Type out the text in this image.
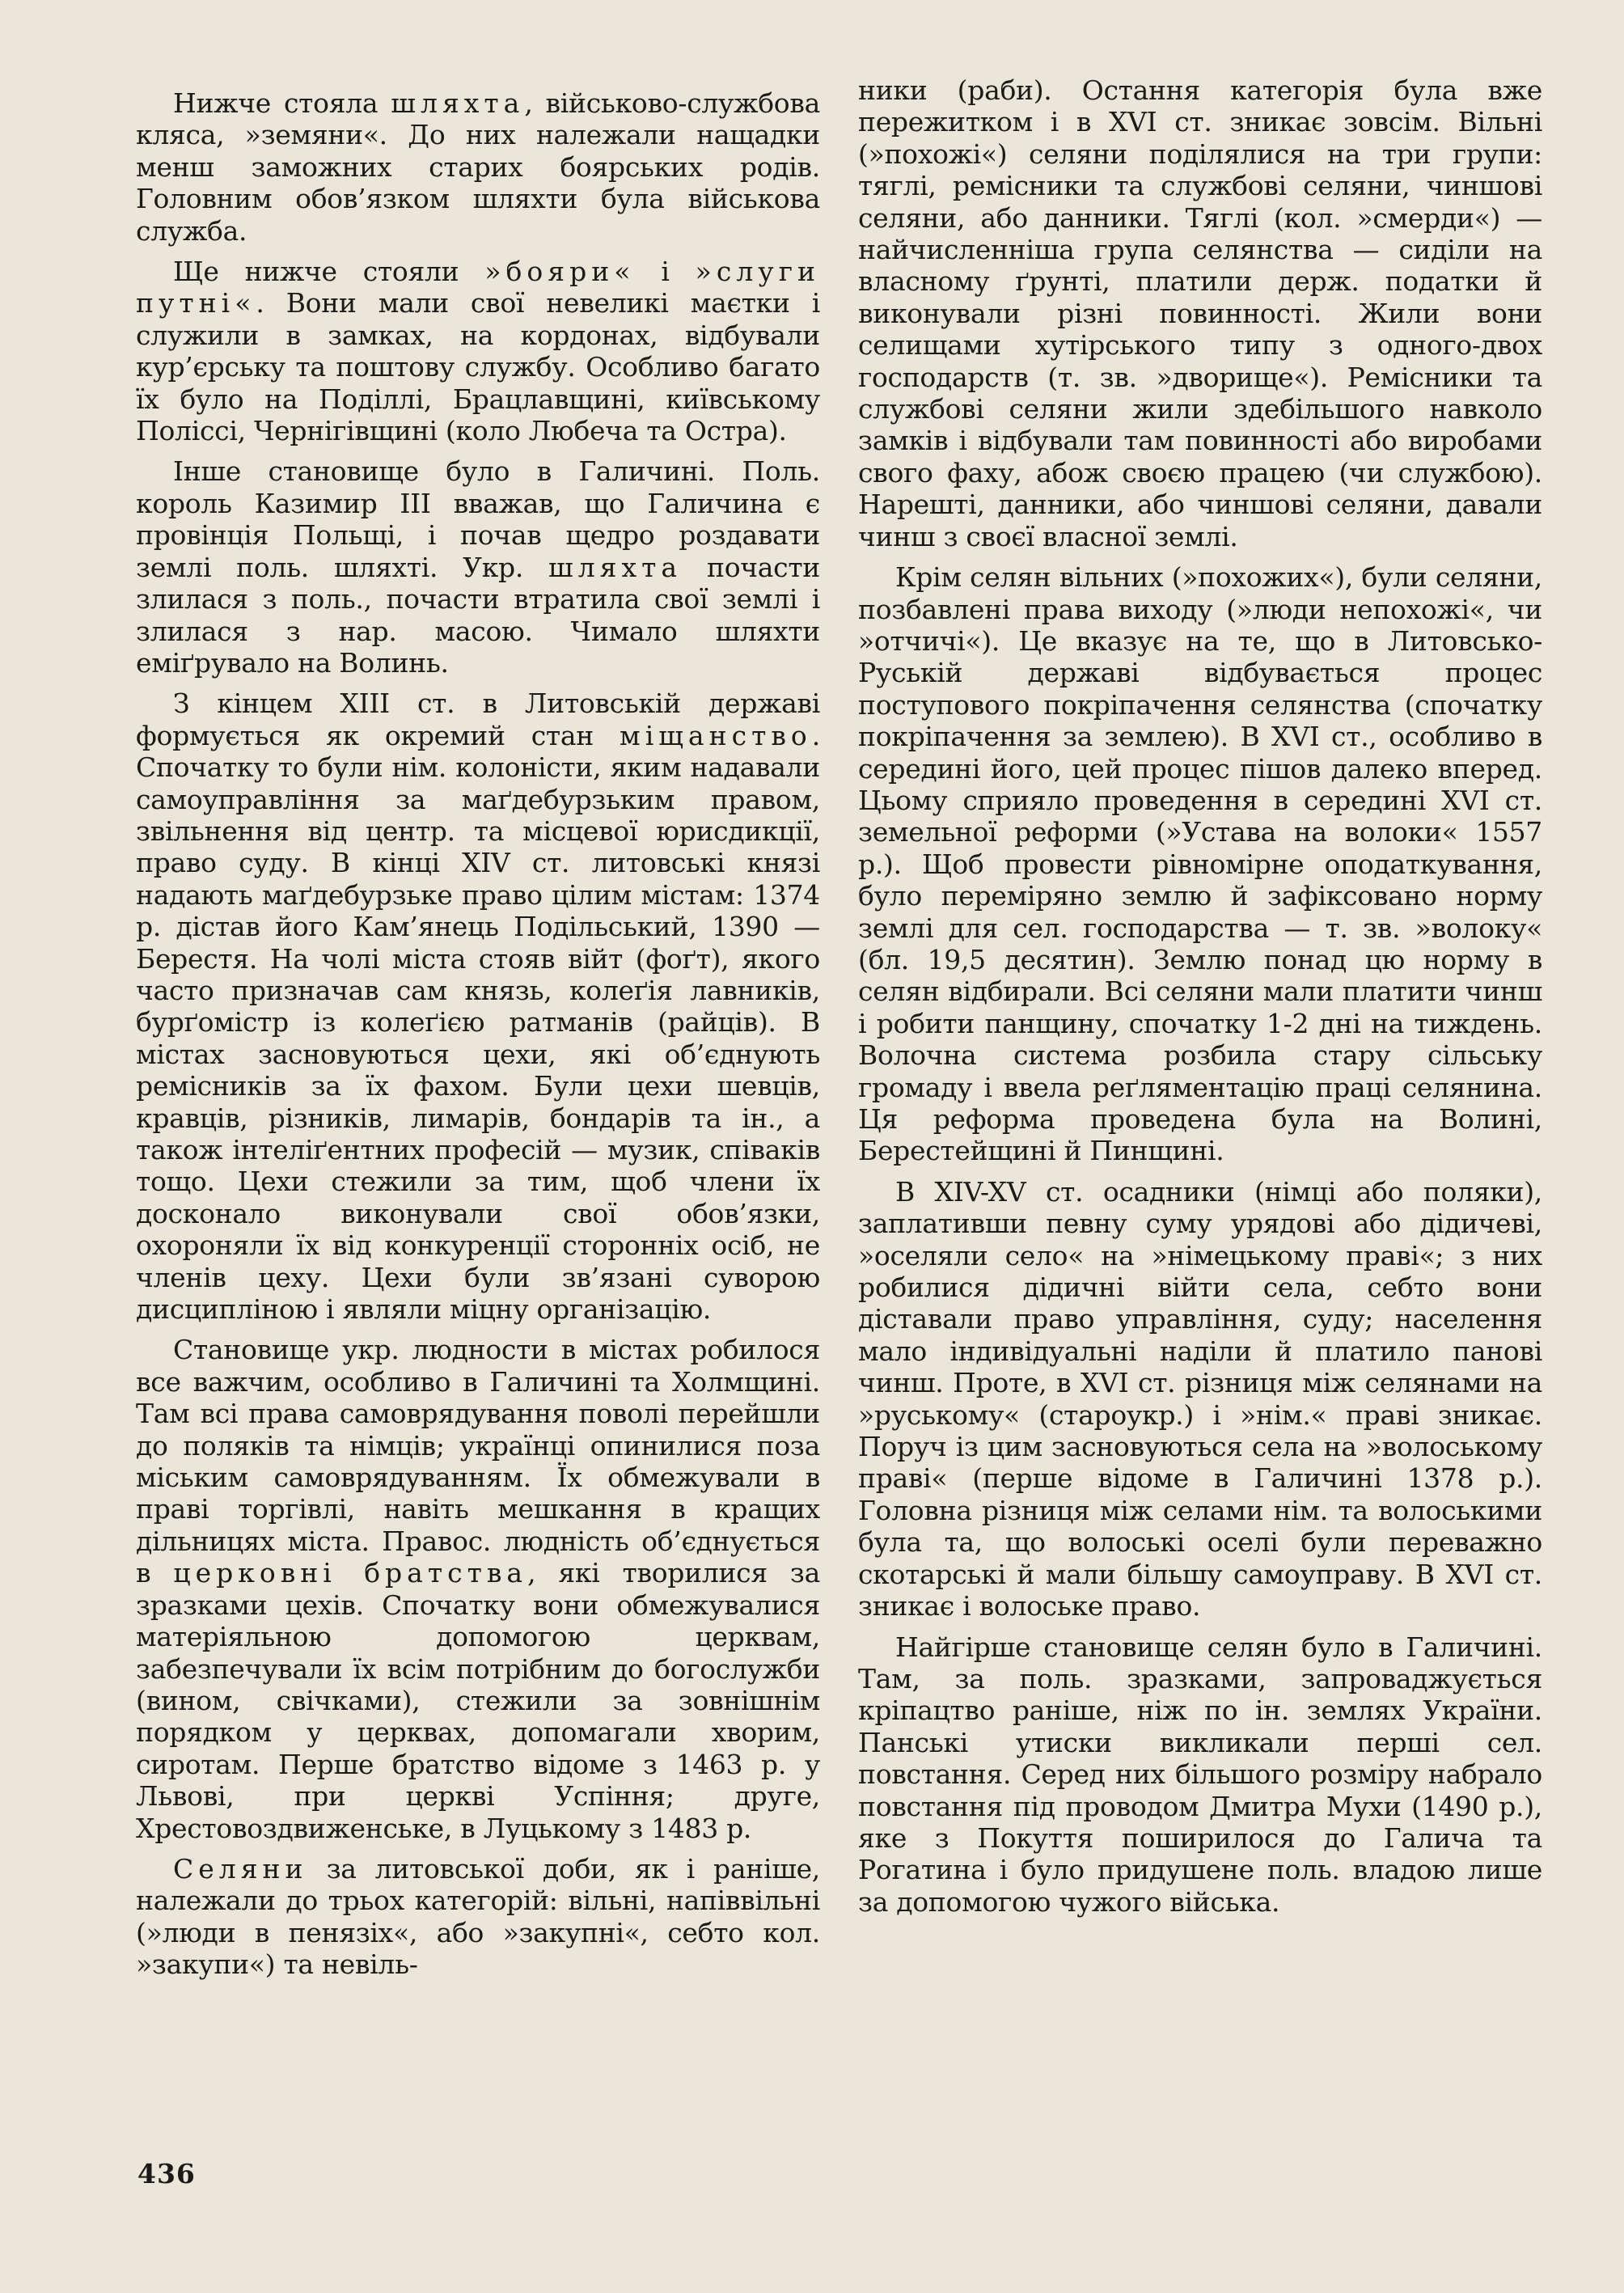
Нижче стояла шляхта, військово-службова кляса, »земяни«. До них належали нащадки менш заможних старих боярських родів. Головним обов’язком шляхти була військова служба.

Ще нижче стояли »бояри« і »слуги путні«. Вони мали свої невеликі маєтки і служили в замках, на кордонах, відбували кур’єрську та поштову службу. Особливо багато їх було на Поділлі, Брацлавщині, київському Поліссі, Чернігівщині (коло Любеча та Остра).

Інше становище було в Галичині. Поль. король Казимир III вважав, що Галичина є провінція Польщі, і почав щедро роздавати землі поль. шляхті. Укр. шляхта почасти злилася з поль., почасти втратила свої землі і злилася з нар. масою. Чимало шляхти еміґрувало на Волинь.

З кінцем XIII ст. в Литовській державі формується як окремий стан міщанство. Спочатку то були нім. колоністи, яким надавали самоуправління за маґдебурзьким правом, звільнення від центр. та місцевої юрисдикції, право суду. В кінці XIV ст. литовські князі надають маґдебурзьке право цілим містам: 1374 р. дістав його Кам’янець Подільський, 1390 — Берестя. На чолі міста стояв війт (фоґт), якого часто призначав сам князь, колеґія лавників, бурґомістр із колеґією ратманів (райців). В містах засновуються цехи, які об’єднують ремісників за їх фахом. Були цехи шевців, кравців, різників, лимарів, бондарів та ін., а також інтеліґентних професій — музик, співаків тощо. Цехи стежили за тим, щоб члени їх досконало виконували свої обов’язки, охороняли їх від конкуренції сторонніх осіб, не членів цеху. Цехи були зв’язані суворою дисципліною і являли міцну організацію.

Становище укр. людности в містах робилося все важчим, особливо в Галичині та Холмщині. Там всі права самоврядування поволі перейшли до поляків та німців; українці опинилися поза міським самоврядуванням. Їх обмежували в праві торгівлі, навіть мешкання в кращих дільницях міста. Правос. людність об’єднується в церковні братства, які творилися за зразками цехів. Спочатку вони обмежувалися матеріяльною допомогою церквам, забезпечували їх всім потрібним до богослужби (вином, свічками), стежили за зовнішнім порядком у церквах, допомагали хворим, сиротам. Перше братство відоме з 1463 р. у Львові, при церкві Успіння; друге, Хрестовоздвиженське, в Луцькому з 1483 р.

Селяни за литовської доби, як і раніше, належали до трьох категорій: вільні, напіввільні (»люди в пенязіх«, або »закупні«, себто кол. »закупи«) та невіль-

ники (раби). Остання категорія була вже пережитком і в XVI ст. зникає зовсім. Вільні (»похожі«) селяни поділялися на три групи: тяглі, ремісники та службові селяни, чиншові селяни, або данники. Тяглі (кол. »смерди«) — найчисленніша група селянства — сиділи на власному ґрунті, платили держ. податки й виконували різні повинності. Жили вони селищами хутірського типу з одного-двох господарств (т. зв. »дворище«). Ремісники та службові селяни жили здебільшого навколо замків і відбували там повинності або виробами свого фаху, абож своєю працею (чи службою). Нарешті, данники, або чиншові селяни, давали чинш з своєї власної землі.

Крім селян вільних (»похожих«), були селяни, позбавлені права виходу (»люди непохожі«, чи »отчичі«). Це вказує на те, що в Литовсько-Руській державі відбувається процес поступового покріпачення селянства (спочатку покріпачення за землею). В XVI ст., особливо в середині його, цей процес пішов далеко вперед. Цьому сприяло проведення в середині XVI ст. земельної реформи (»Устава на волоки« 1557 р.). Щоб провести рівномірне оподаткування, було переміряно землю й зафіксовано норму землі для сел. господарства — т. зв. »волоку« (бл. 19,5 десятин). Землю понад цю норму в селян відбирали. Всі селяни мали платити чинш і робити панщину, спочатку 1-2 дні на тиждень. Волочна система розбила стару сільську громаду і ввела реґляментацію праці селянина. Ця реформа проведена була на Волині, Берестейщині й Пинщині.

В XIV-XV ст. осадники (німці або поляки), заплативши певну суму урядові або дідичеві, »оселяли село« на »німецькому праві«; з них робилися дідичні війти села, себто вони діставали право управління, суду; населення мало індивідуальні наділи й платило панові чинш. Проте, в XVI ст. різниця між селянами на »руському« (староукр.) і »нім.« праві зникає. Поруч із цим засновуються села на »волоському праві« (перше відоме в Галичині 1378 р.). Головна різниця між селами нім. та волоськими була та, що волоські оселі були переважно скотарські й мали більшу самоуправу. В XVI ст. зникає і волоське право.

Найгірше становище селян було в Галичині. Там, за поль. зразками, запроваджується кріпацтво раніше, ніж по ін. землях України. Панські утиски викликали перші сел. повстання. Серед них більшого розміру набрало повстання під проводом Дмитра Мухи (1490 р.), яке з Покуття поширилося до Галича та Рогатина і було придушене поль. владою лише за допомогою чужого війська.

436
